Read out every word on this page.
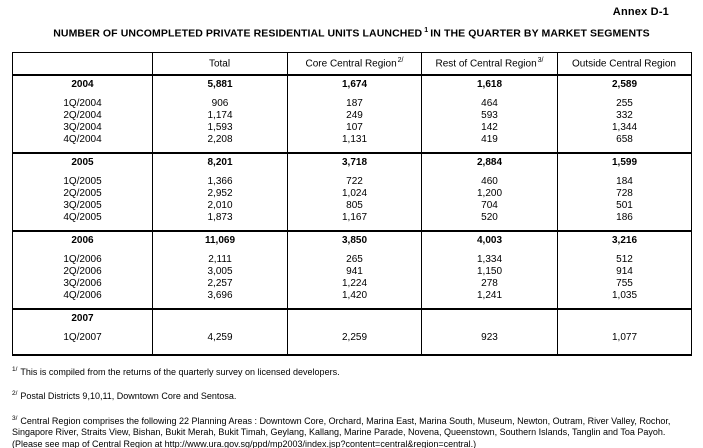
Annex D-1
NUMBER OF UNCOMPLETED PRIVATE RESIDENTIAL UNITS LAUNCHED $^1$ IN THE QUARTER BY MARKET SEGMENTS
	Total	Core Central Region$^{2/}$	Rest of Central Region$^{3/}$	Outside Central Region
2004	5,881	1,674	1,618	2,589

1Q/2004	906	187	464	255
2Q/2004	1,174	249	593	332
3Q/2004	1,593	107	142	1,344
4Q/2004	2,208	1,131	419	658

2005	8,201	3,718	2,884	1,599

1Q/2005	1,366	722	460	184
2Q/2005	2,952	1,024	1,200	728
3Q/2005	2,010	805	704	501
4Q/2005	1,873	1,167	520	186

2006	11,069	3,850	4,003	3,216

1Q/2006	2,111	265	1,334	512
2Q/2006	3,005	941	1,150	914
3Q/2006	2,257	1,224	278	755
4Q/2006	3,696	1,420	1,241	1,035

2007				

1Q/2007	4,259	2,259	923	1,077

$^{1/}$ This is compiled from the returns of the quarterly survey on licensed developers.
$^{2/}$ Postal Districts 9,10,11, Downtown Core and Sentosa.
$^{3/}$ Central Region comprises the following 22 Planning Areas : Downtown Core, Orchard, Marina East, Marina South, Museum, Newton, Outram, River Valley, Rochor, Singapore River, Straits View, Bishan, Bukit Merah, Bukit Timah, Geylang, Kallang, Marine Parade, Novena, Queenstown, Southern Islands, Tanglin and Toa Payoh. (Please see map of Central Region at http://www.ura.gov.sg/ppd/mp2003/index.jsp?content=central&region=central.)
